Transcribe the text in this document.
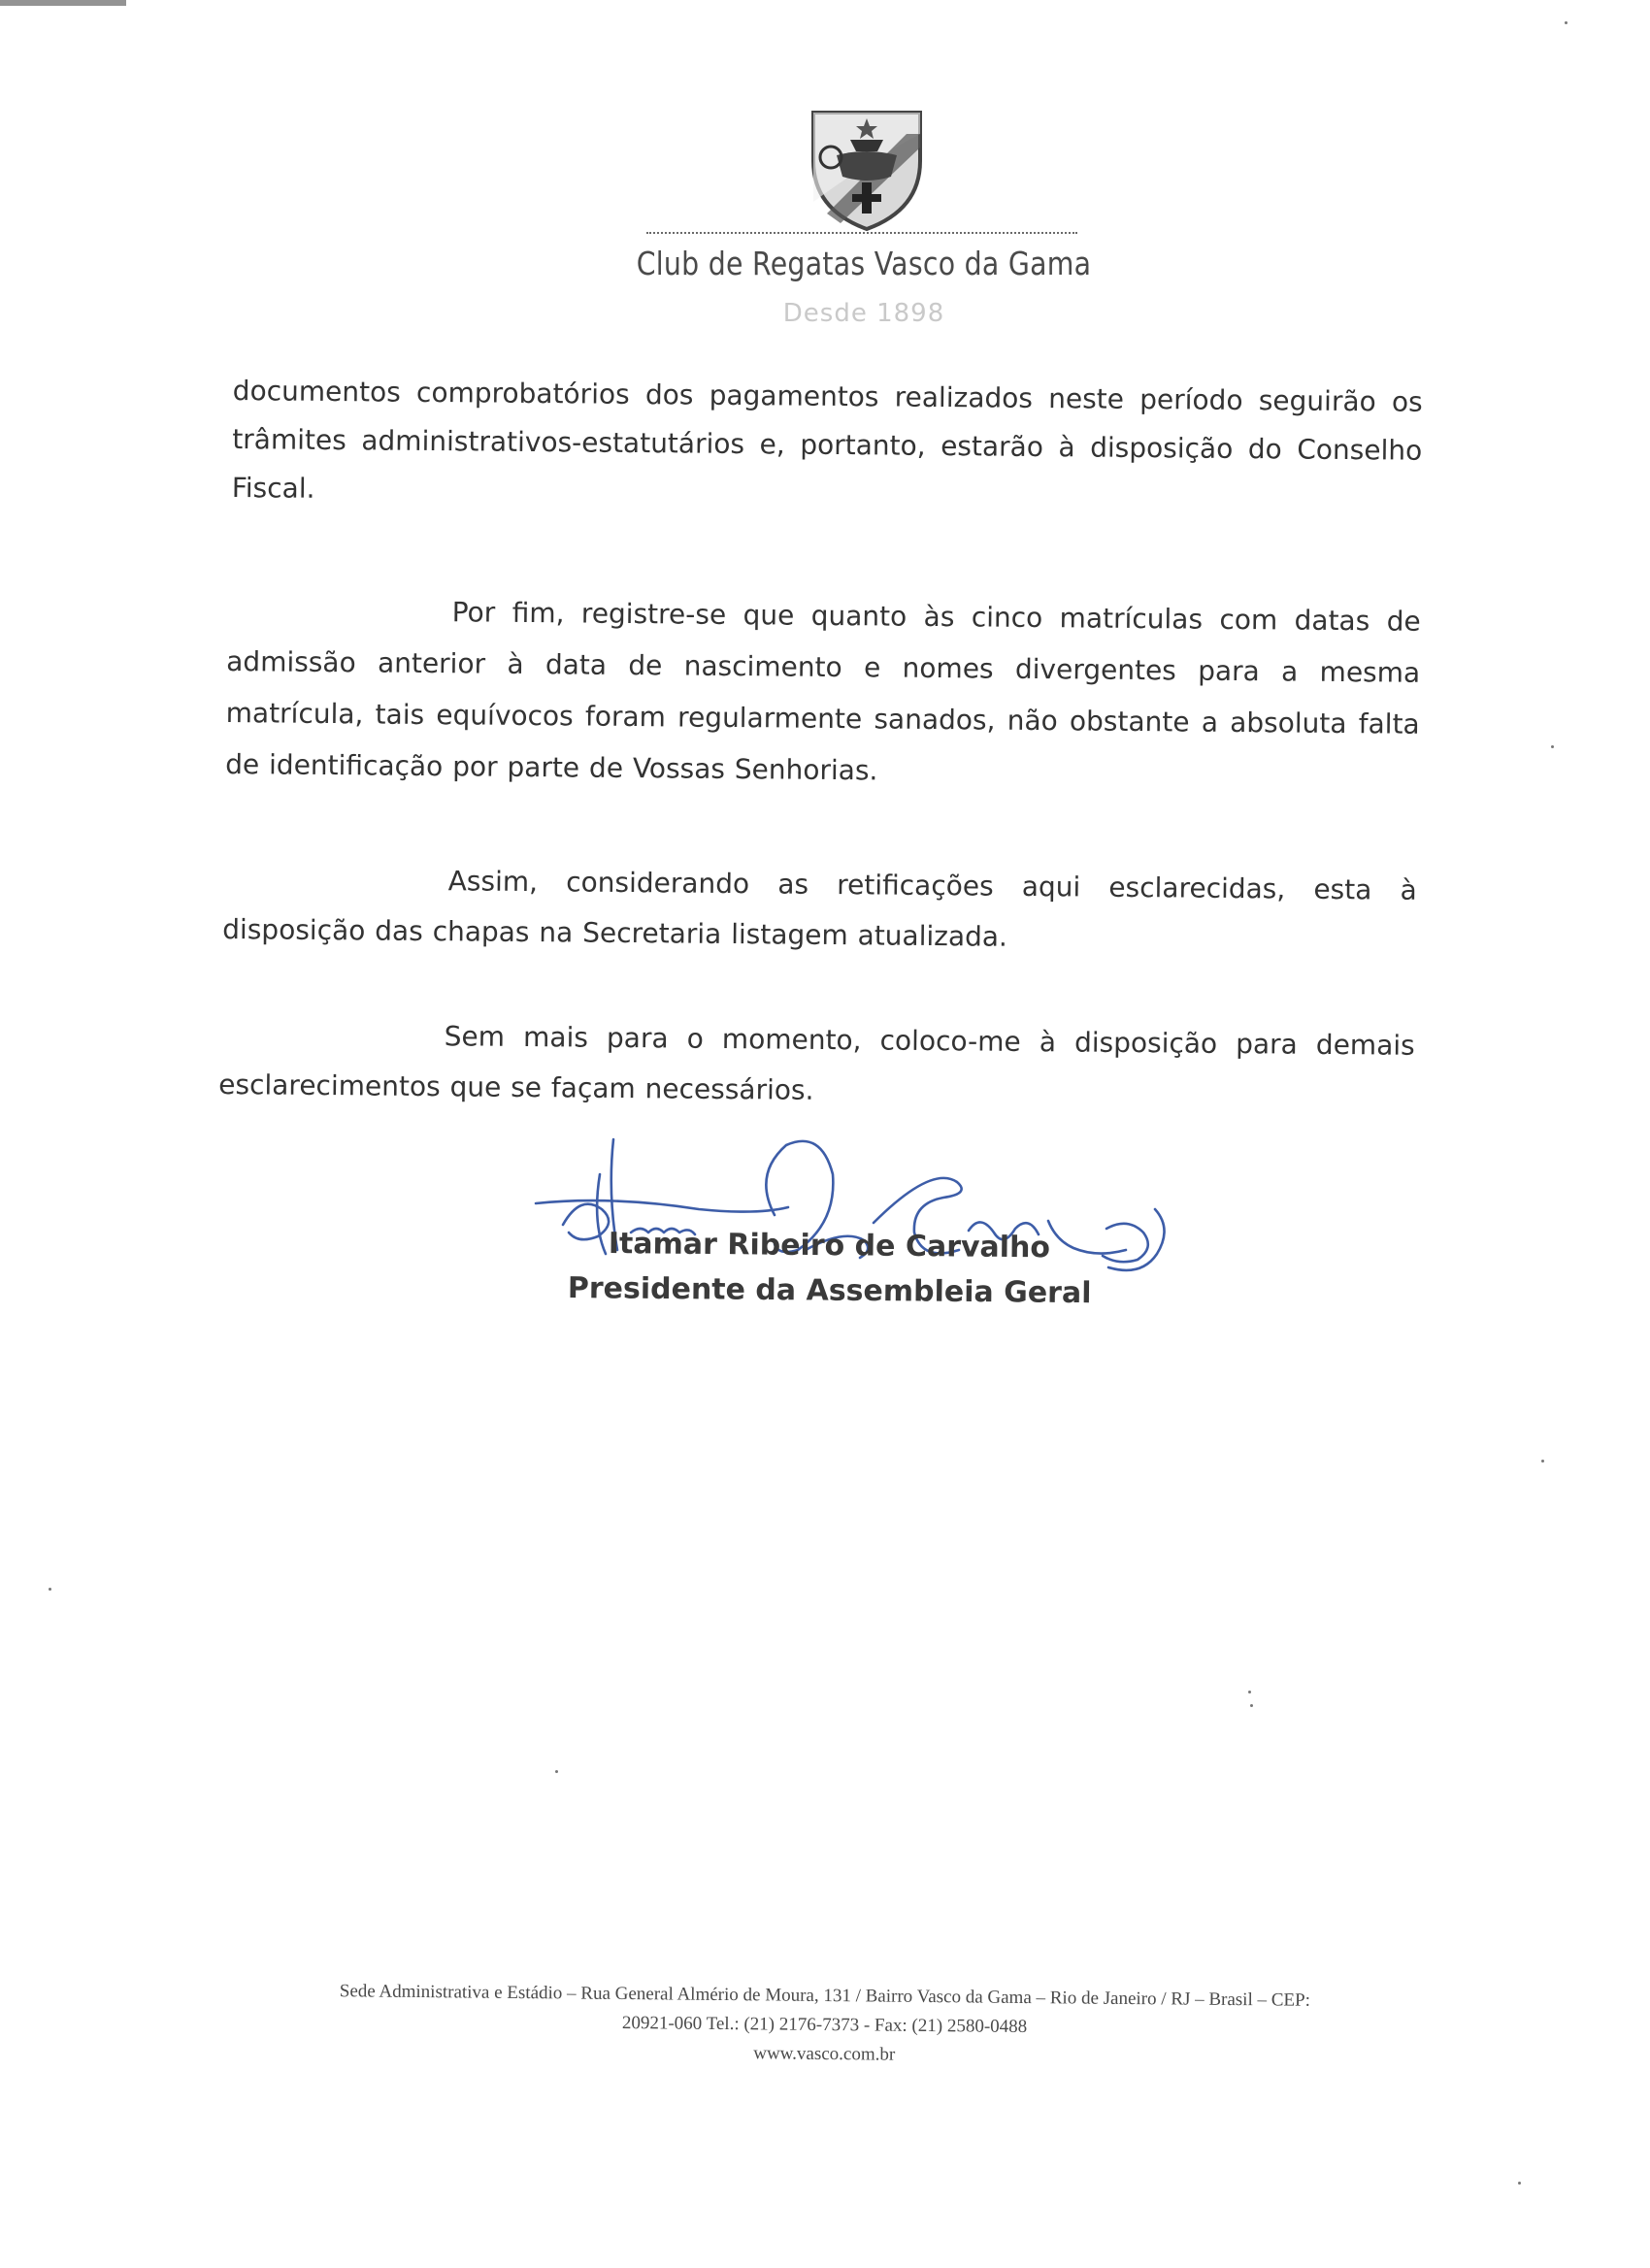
Club de Regatas Vasco da Gama
Desde 1898
documentos comprobatórios dos pagamentos realizados neste período seguirão os trâmites administrativos-estatutários e, portanto, estarão à disposição do Conselho Fiscal.
Por fim, registre-se que quanto às cinco matrículas com datas de admissão anterior à data de nascimento e nomes divergentes para a mesma matrícula, tais equívocos foram regularmente sanados, não obstante a absoluta falta de identificação por parte de Vossas Senhorias.
Assim, considerando as retificações aqui esclarecidas, esta à disposição das chapas na Secretaria listagem atualizada.
Sem mais para o momento, coloco-me à disposição para demais esclarecimentos que se façam necessários.
Itamar Ribeiro de Carvalho
Presidente da Assembleia Geral
Sede Administrativa e Estádio – Rua General Almério de Moura, 131 / Bairro Vasco da Gama – Rio de Janeiro / RJ – Brasil – CEP:
20921-060 Tel.: (21) 2176-7373 - Fax: (21) 2580-0488
www.vasco.com.br
